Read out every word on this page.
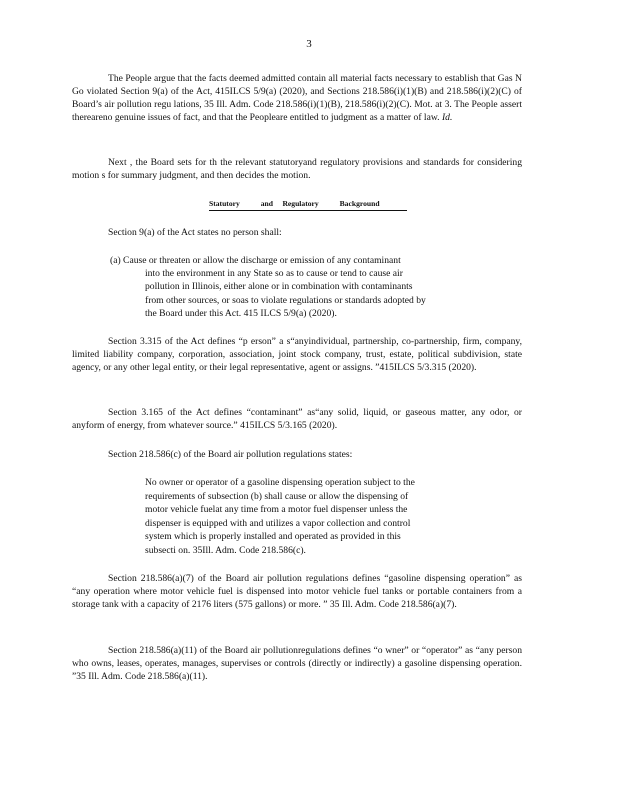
3

The People argue that the facts deemed admitted contain all material facts necessary to establish that Gas N Go violated Section 9(a) of the Act, 415ILCS 5/9(a) (2020), and Sections 218.586(i)(1)(B) and 218.586(i)(2)(C) of Board’s air pollution regu lations, 35 Ill. Adm. Code 218.586(i)(1)(B), 218.586(i)(2)(C). Mot. at 3. The People assert thereareno genuine issues of fact, and that the Peopleare entitled to judgment as a matter of law. Id.

Next , the Board sets for th the relevant statutoryand regulatory provisions and standards for considering motion s for summary judgment, and then decides the motion.

Statutory	and Regulatory	Background
Section 9(a) of the Act states no person shall:
(a) Cause or threaten or allow the discharge or emission of any contaminant
into the environment in any State so as to cause or tend to cause air
pollution in Illinois, either alone or in combination with contaminants
from other sources, or soas to violate regulations or standards adopted by
the Board under this Act. 415 ILCS 5/9(a) (2020).

Section 3.315 of the Act defines “p erson” a s“anyindividual, partnership, co-partnership, firm, company, limited liability company, corporation, association, joint stock company, trust, estate, political subdivision, state agency, or any other legal entity, or their legal representative, agent or assigns. ”415ILCS 5/3.315 (2020).

Section 3.165 of the Act defines “contaminant” as“any solid, liquid, or gaseous matter, any odor, or anyform of energy, from whatever source.” 415ILCS 5/3.165 (2020).

Section 218.586(c) of the Board air pollution regulations states:
No owner or operator of a gasoline dispensing operation subject to the
requirements of subsection (b) shall cause or allow the dispensing of
motor vehicle fuelat any time from a motor fuel dispenser unless the
dispenser is equipped with and utilizes a vapor collection and control
system which is properly installed and operated as provided in this
subsecti on. 35Ill. Adm. Code 218.586(c).

Section 218.586(a)(7) of the Board air pollution regulations defines “gasoline dispensing operation” as “any operation where motor vehicle fuel is dispensed into motor vehicle fuel tanks or portable containers from a storage tank with a capacity of 2176 liters (575 gallons) or more. ” 35 Ill. Adm. Code 218.586(a)(7).

Section 218.586(a)(11) of the Board air pollutionregulations defines “o wner” or “operator” as “any person who owns, leases, operates, manages, supervises or controls (directly or indirectly) a gasoline dispensing operation. ”35 Ill. Adm. Code 218.586(a)(11).
